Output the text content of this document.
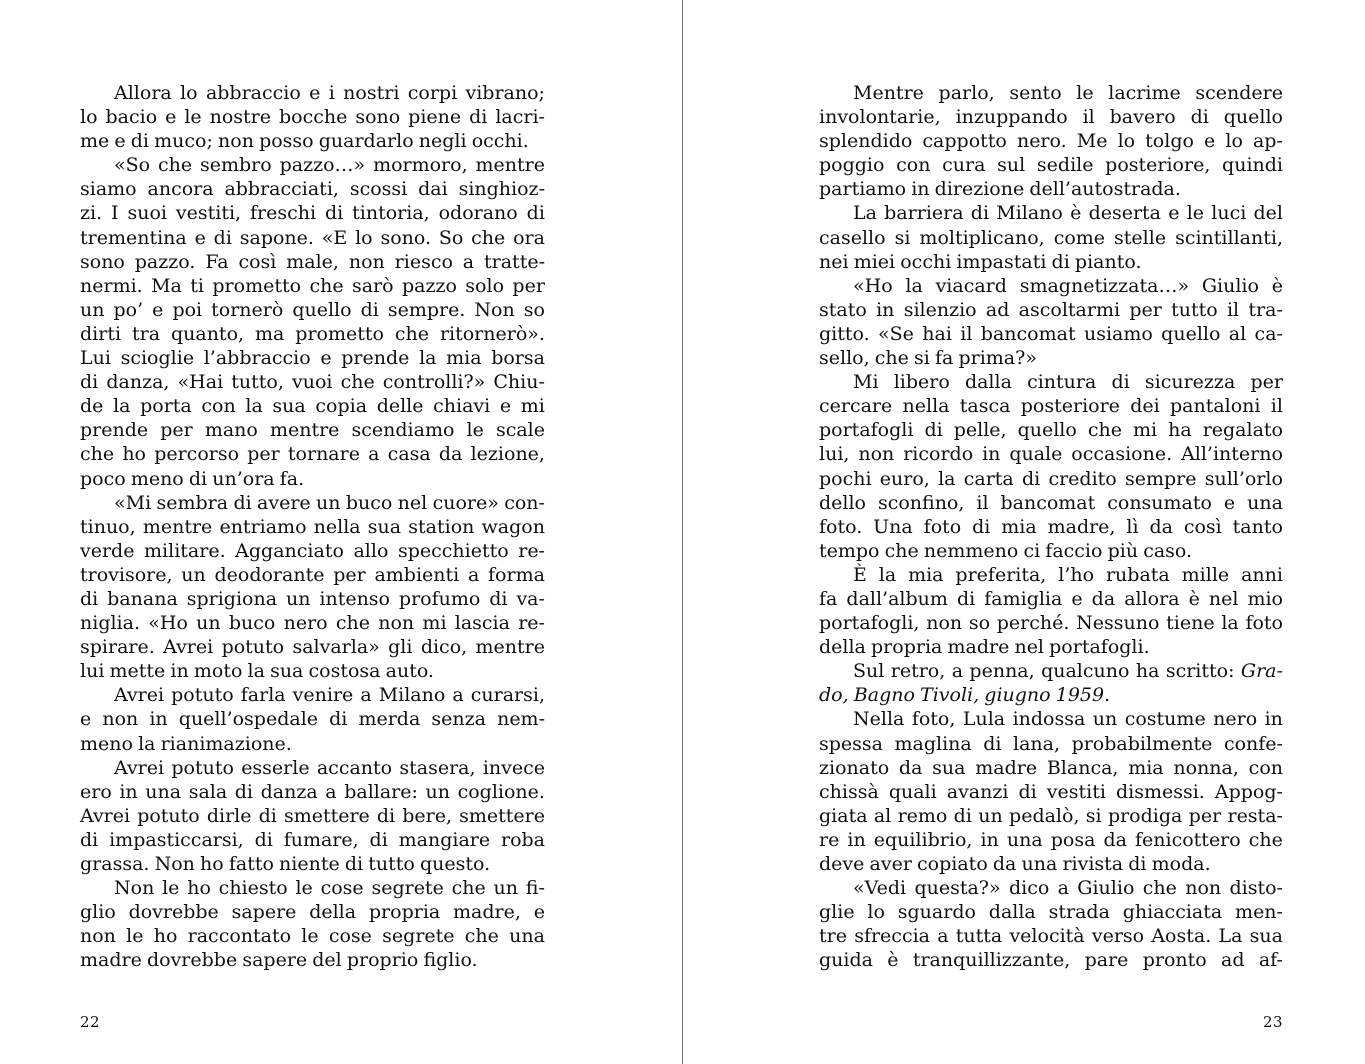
Allora lo abbraccio e i nostri corpi vibrano;
lo bacio e le nostre bocche sono piene di lacri-
me e di muco; non posso guardarlo negli occhi.
«So che sembro pazzo…» mormoro, mentre
siamo ancora abbracciati, scossi dai singhioz-
zi. I suoi vestiti, freschi di tintoria, odorano di
trementina e di sapone. «E lo sono. So che ora
sono pazzo. Fa così male, non riesco a tratte-
nermi. Ma ti prometto che sarò pazzo solo per
un po’ e poi tornerò quello di sempre. Non so
dirti tra quanto, ma prometto che ritornerò».
Lui scioglie l’abbraccio e prende la mia borsa
di danza, «Hai tutto, vuoi che controlli?» Chiu-
de la porta con la sua copia delle chiavi e mi
prende per mano mentre scendiamo le scale
che ho percorso per tornare a casa da lezione,
poco meno di un’ora fa.
«Mi sembra di avere un buco nel cuore» con-
tinuo, mentre entriamo nella sua station wagon
verde militare. Agganciato allo specchietto re-
trovisore, un deodorante per ambienti a forma
di banana sprigiona un intenso profumo di va-
niglia. «Ho un buco nero che non mi lascia re-
spirare. Avrei potuto salvarla» gli dico, mentre
lui mette in moto la sua costosa auto.
Avrei potuto farla venire a Milano a curarsi,
e non in quell’ospedale di merda senza nem-
meno la rianimazione.
Avrei potuto esserle accanto stasera, invece
ero in una sala di danza a ballare: un coglione.
Avrei potuto dirle di smettere di bere, smettere
di impasticcarsi, di fumare, di mangiare roba
grassa. Non ho fatto niente di tutto questo.
Non le ho chiesto le cose segrete che un fi-
glio dovrebbe sapere della propria madre, e
non le ho raccontato le cose segrete che una
madre dovrebbe sapere del proprio figlio.
22
Mentre parlo, sento le lacrime scendere
involontarie, inzuppando il bavero di quello
splendido cappotto nero. Me lo tolgo e lo ap-
poggio con cura sul sedile posteriore, quindi
partiamo in direzione dell’autostrada.
La barriera di Milano è deserta e le luci del
casello si moltiplicano, come stelle scintillanti,
nei miei occhi impastati di pianto.
«Ho la viacard smagnetizzata…» Giulio è
stato in silenzio ad ascoltarmi per tutto il tra-
gitto. «Se hai il bancomat usiamo quello al ca-
sello, che si fa prima?»
Mi libero dalla cintura di sicurezza per
cercare nella tasca posteriore dei pantaloni il
portafogli di pelle, quello che mi ha regalato
lui, non ricordo in quale occasione. All’interno
pochi euro, la carta di credito sempre sull’orlo
dello sconfino, il bancomat consumato e una
foto. Una foto di mia madre, lì da così tanto
tempo che nemmeno ci faccio più caso.
È la mia preferita, l’ho rubata mille anni
fa dall’album di famiglia e da allora è nel mio
portafogli, non so perché. Nessuno tiene la foto
della propria madre nel portafogli.
Sul retro, a penna, qualcuno ha scritto: Gra-
do, Bagno Tivoli, giugno 1959.
Nella foto, Lula indossa un costume nero in
spessa maglina di lana, probabilmente confe-
zionato da sua madre Blanca, mia nonna, con
chissà quali avanzi di vestiti dismessi. Appog-
giata al remo di un pedalò, si prodiga per resta-
re in equilibrio, in una posa da fenicottero che
deve aver copiato da una rivista di moda.
«Vedi questa?» dico a Giulio che non disto-
glie lo sguardo dalla strada ghiacciata men-
tre sfreccia a tutta velocità verso Aosta. La sua
guida è tranquillizzante, pare pronto ad af-
23
